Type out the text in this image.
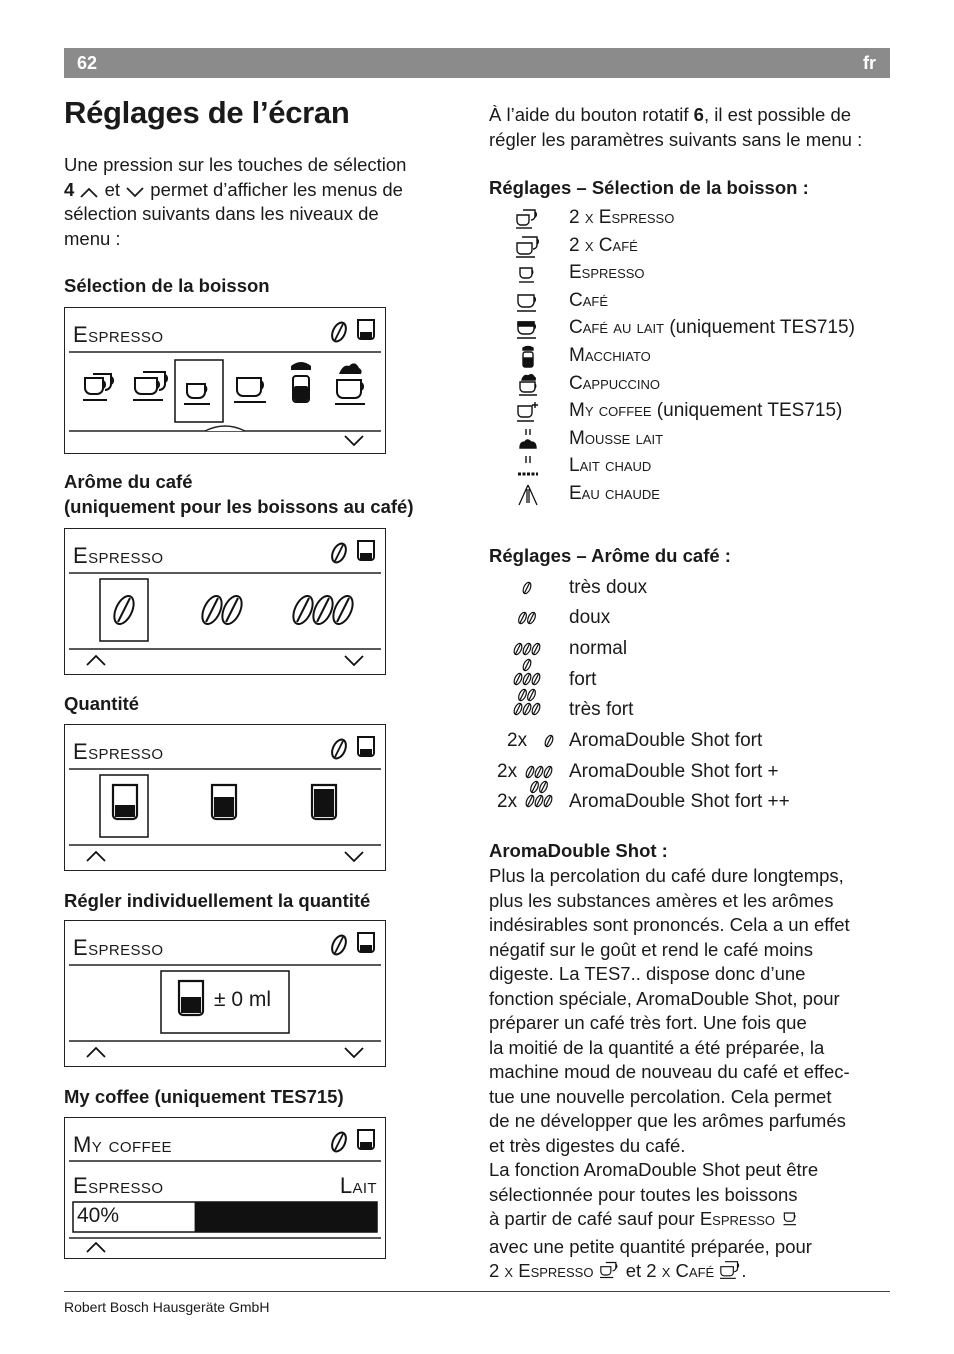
62	fr
Réglages de l’écran

Une pression sur les touches de sélection
4 et permet d’afficher les menus de
sélection suivants dans les niveaux de
menu :

Sélection de la boisson
Espresso
Arôme du café
(uniquement pour les boissons au café)
Espresso
Quantité
Espresso
Régler individuellement la quantité
Espresso
± 0 ml
My coffee (uniquement TES715)
My coffee
Espresso	Lait
40%

À l’aide du bouton rotatif 6, il est possible de
régler les paramètres suivants sans le menu :

Réglages – Sélection de la boisson :
2 x Espresso
2 x Café
Espresso
Café
Café au lait (uniquement TES715)
Macchiato
Cappuccino
My coffee (uniquement TES715)
Mousse lait
Lait chaud
Eau chaude
Réglages – Arôme du café :
très doux
doux
normal
fort
très fort
2x AromaDouble Shot fort
2x	AromaDouble Shot fort +
2x	AromaDouble Shot fort ++
AromaDouble Shot :
Plus la percolation du café dure longtemps,
plus les substances amères et les arômes
indésirables sont prononcés. Cela a un effet
négatif sur le goût et rend le café moins
digeste. La TES7.. dispose donc d’une
fonction spéciale, AromaDouble Shot, pour
préparer un café très fort. Une fois que
la moitié de la quantité a été préparée, la
machine moud de nouveau du café et effec-
tue une nouvelle percolation. Cela permet
de ne développer que les arômes parfumés
et très digestes du café.
La fonction AromaDouble Shot peut être
sélectionnée pour toutes les boissons
à partir de café sauf pour Espresso
avec une petite quantité préparée, pour
2 x Espresso et 2 x Café .
Robert Bosch Hausgeräte GmbH
